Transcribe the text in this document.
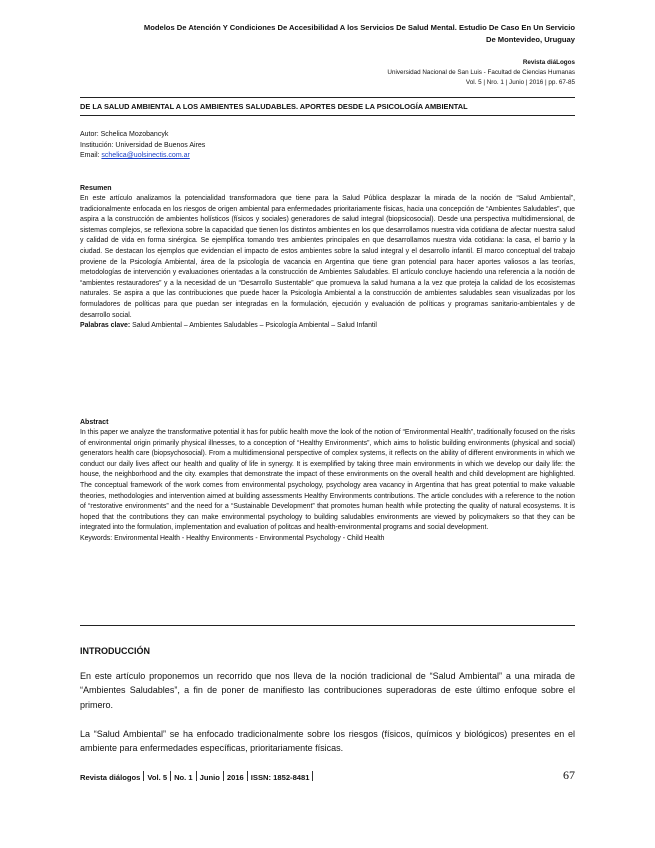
Modelos De Atención Y Condiciones De Accesibilidad A los Servicios De Salud Mental. Estudio De Caso En Un Servicio
De Montevideo, Uruguay
Revista diáLogos
Universidad Nacional de San Luis - Facultad de Ciencias Humanas
Vol. 5 | Nro. 1 | Junio | 2016 | pp. 67-85
DE LA SALUD AMBIENTAL A LOS AMBIENTES SALUDABLES. APORTES DESDE LA PSICOLOGÍA AMBIENTAL
Autor: Schelica Mozobancyk
Institución: Universidad de Buenos Aires
Email: schelica@uolsinectis.com.ar
Resumen

En este artículo analizamos la potencialidad transformadora que tiene para la Salud Pública desplazar la mirada de la noción de “Salud Ambiental”, tradicionalmente enfocada en los riesgos de origen ambiental para enfermedades prioritariamente físicas, hacia una concepción de “Ambientes Saludables”, que aspira a la construcción de ambientes holísticos (físicos y sociales) generadores de salud integral (biopsicosocial). Desde una perspectiva multidimensional, de sistemas complejos, se reflexiona sobre la capacidad que tienen los distintos ambientes en los que desarrollamos nuestra vida cotidiana de afectar nuestra salud y calidad de vida en forma sinérgica. Se ejemplifica tomando tres ambientes principales en que desarrollamos nuestra vida cotidiana: la casa, el barrio y la ciudad. Se destacan los ejemplos que evidencian el impacto de estos ambientes sobre la salud integral y el desarrollo infantil. El marco conceptual del trabajo proviene de la Psicología Ambiental, área de la psicología de vacancia en Argentina que tiene gran potencial para hacer aportes valiosos a las teorías, metodologías de intervención y evaluaciones orientadas a la construcción de Ambientes Saludables. El artículo concluye haciendo una referencia a la noción de “ambientes restauradores” y a la necesidad de un “Desarrollo Sustentable” que promueva la salud humana a la vez que proteja la calidad de los ecosistemas naturales. Se aspira a que las contribuciones que puede hacer la Psicología Ambiental a la construcción de ambientes saludables sean visualizadas por los formuladores de políticas para que puedan ser integradas en la formulación, ejecución y evaluación de políticas y programas sanitario-ambientales y de desarrollo social.

Palabras clave: Salud Ambiental – Ambientes Saludables – Psicología Ambiental – Salud Infantil

Abstract

In this paper we analyze the transformative potential it has for public health move the look of the notion of “Environmental Health”, traditionally focused on the risks of environmental origin primarily physical illnesses, to a conception of “Healthy Environments”, which aims to holistic building environments (physical and social) generators health care (biopsychosocial). From a multidimensional perspective of complex systems, it reflects on the ability of different environments in which we conduct our daily lives affect our health and quality of life in synergy. It is exemplified by taking three main environments in which we develop our daily life: the house, the neighborhood and the city. examples that demonstrate the impact of these environments on the overall health and child development are highlighted. The conceptual framework of the work comes from environmental psychology, psychology area vacancy in Argentina that has great potential to make valuable theories, methodologies and intervention aimed at building assessments Healthy Environments contributions. The article concludes with a reference to the notion of “restorative environments” and the need for a “Sustainable Development” that promotes human health while protecting the quality of natural ecosystems. It is hoped that the contributions they can make environmental psychology to building saludables environments are viewed by policymakers so that they can be integrated into the formulation, implementation and evaluation of politcas and health-environmental programs and social development.

Keywords: Environmental Health - Healthy Environments - Environmental Psychology - Child Health

INTRODUCCIÓN

En este artículo proponemos un recorrido que nos lleva de la noción tradicional de “Salud Ambiental” a una mirada de “Ambientes Saludables”, a fin de poner de manifiesto las contribuciones superadoras de este último enfoque sobre el primero.

La “Salud Ambiental” se ha enfocado tradicionalmente sobre los riesgos (físicos, químicos y biológicos) presentes en el ambiente para enfermedades específicas, prioritariamente físicas.

Revista diálogos Vol. 5 No. 1 Junio 2016 ISSN: 1852-8481	67
